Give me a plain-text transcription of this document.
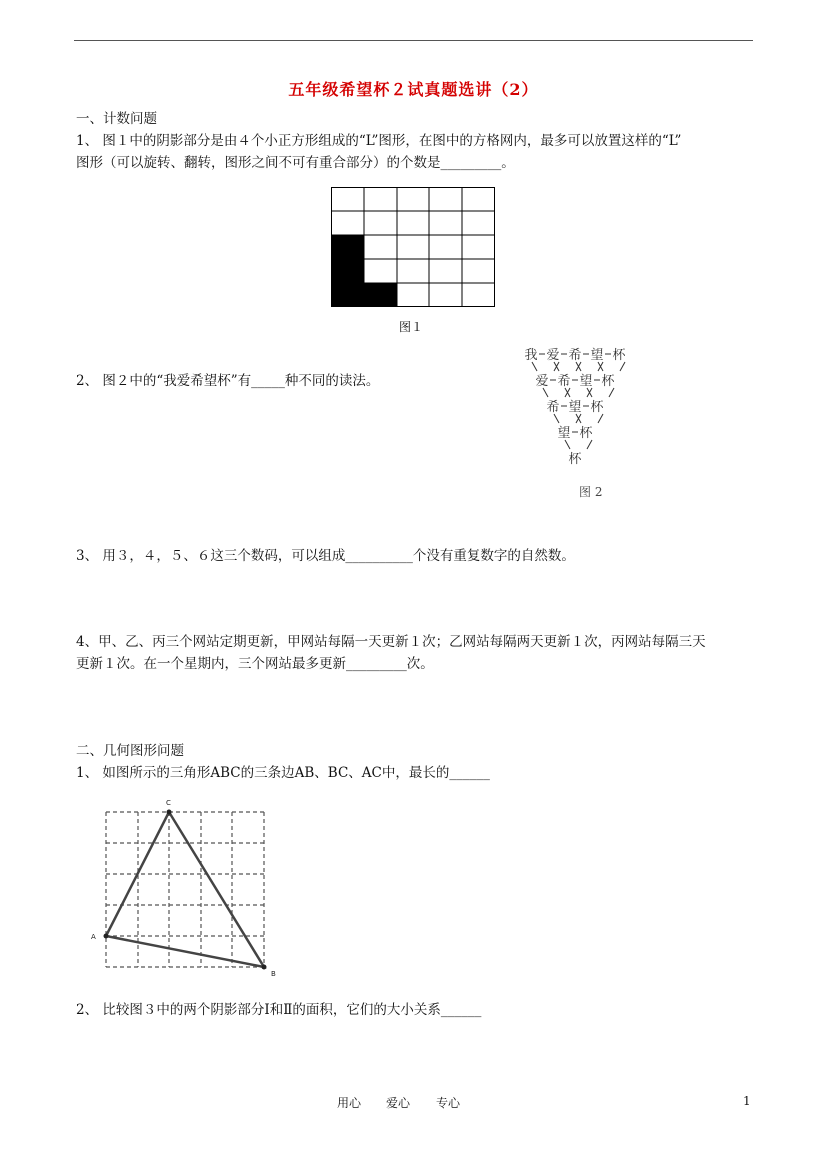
五年级希望杯２试真题选讲（2）
一、计数问题
1、 图１中的阴影部分是由４个小正方形组成的“L”图形，在图中的方格网内，最多可以放置这样的“L”
图形（可以旋转、翻转，图形之间不可有重合部分）的个数是_________。
图１
2、 图２中的“我爱希望杯”有_____种不同的读法。
我 爱 希 望 杯
爱 希 望 杯
希 望 杯
望 杯
杯
图 2
3、 用３，４，５、６这三个数码，可以组成__________个没有重复数字的自然数。
4、甲、乙、丙三个网站定期更新，甲网站每隔一天更新１次；乙网站每隔两天更新１次，丙网站每隔三天
更新１次。在一个星期内，三个网站最多更新_________次。
二、几何图形问题
1、 如图所示的三角形ABC的三条边AB、BC、AC中，最长的______
C
A
B
2、 比较图３中的两个阴影部分Ⅰ和Ⅱ的面积，它们的大小关系______
用心 爱心 专心	1
